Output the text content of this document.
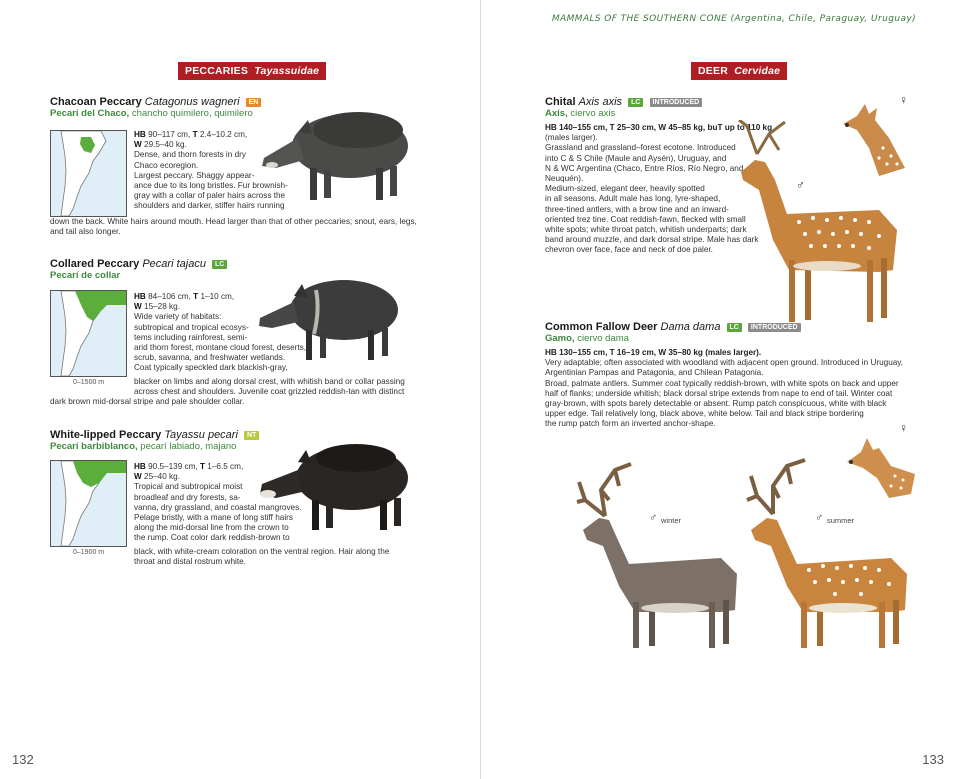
PECCARIES Tayassuidae
Chacoan Peccary Catagonus wagneri EN
Pecarí del Chaco, chancho quimilero, quimilero
HB 90–117 cm, T 2.4–10.2 cm,
W 29.5–40 kg.
Dense, and thorn forests in dry
Chaco ecoregion.
Largest peccary. Shaggy appear-
ance due to its long bristles. Fur brownish-
gray with a collar of paler hairs across the
shoulders and darker, stiffer hairs running
down the back. White hairs around mouth. Head larger than that of other peccaries; snout, ears, legs,
and tail also longer.
Collared Peccary Pecari tajacu LC
Pecarí de collar
0–1500 m
HB 84–106 cm, T 1–10 cm,
W 15–28 kg.
Wide variety of habitats:
subtropical and tropical ecosys-
tems including rainforest, semi-
arid thorn forest, montane cloud forest, deserts,
scrub, savanna, and freshwater wetlands.
Coat typically speckled dark blackish-gray,
blacker on limbs and along dorsal crest, with whitish band or collar passing
across chest and shoulders. Juvenile coat grizzled reddish-tan with distinct
dark brown mid-dorsal stripe and pale shoulder collar.
White-lipped Peccary Tayassu pecari NT
Pecarí barbiblanco, pecarí labiado, majano
0–1900 m
HB 90.5–139 cm, T 1–6.5 cm,
W 25–40 kg.
Tropical and subtropical moist
broadleaf and dry forests, sa-
vanna, dry grassland, and coastal mangroves.
Pelage bristly, with a mane of long stiff hairs
along the mid-dorsal line from the crown to
the rump. Coat color dark reddish-brown to
black, with white-cream coloration on the ventral region. Hair along the
throat and distal rostrum white.
132
MAMMALS OF THE SOUTHERN CONE (Argentina, Chile, Paraguay, Uruguay)
DEER Cervidae
Chital Axis axis LC INTRODUCED
Axis, ciervo axis
HB 140–155 cm, T 25–30 cm, W 45–85 kg, buT up to 110 kg
(males larger).
Grassland and grassland–forest ecotone. Introduced
into C & S Chile (Maule and Aysén), Uruguay, and
N & WC Argentina (Chaco, Entre Ríos, Río Negro, and
Neuquén).
Medium-sized, elegant deer, heavily spotted
in all seasons. Adult male has long, lyre-shaped,
three-tined antlers, with a brow tine and an inward-
oriented trez tine. Coat reddish-fawn, flecked with small
white spots; white throat patch, whitish underparts; dark
band around muzzle, and dark dorsal stripe. Male has dark
chevron over face, face and neck of doe paler.
♀
♂
Common Fallow Deer Dama dama LC INTRODUCED
Gamo, ciervo dama
HB 130–155 cm, T 16–19 cm, W 35–80 kg (males larger).
Very adaptable; often associated with woodland with adjacent open ground. Introduced in Uruguay,
Argentinian Pampas and Patagonia, and Chilean Patagonia.
Broad, palmate antlers. Summer coat typically reddish-brown, with white spots on back and upper
half of flanks; underside whitish; black dorsal stripe extends from nape to end of tail. Winter coat
gray-brown, with spots barely detectable or absent. Rump patch conspicuous, white with black
upper edge. Tail relatively long, black above, white below. Tail and black stripe bordering
the rump patch form an inverted anchor-shape.	♀
♂ winter	♂ summer
133
